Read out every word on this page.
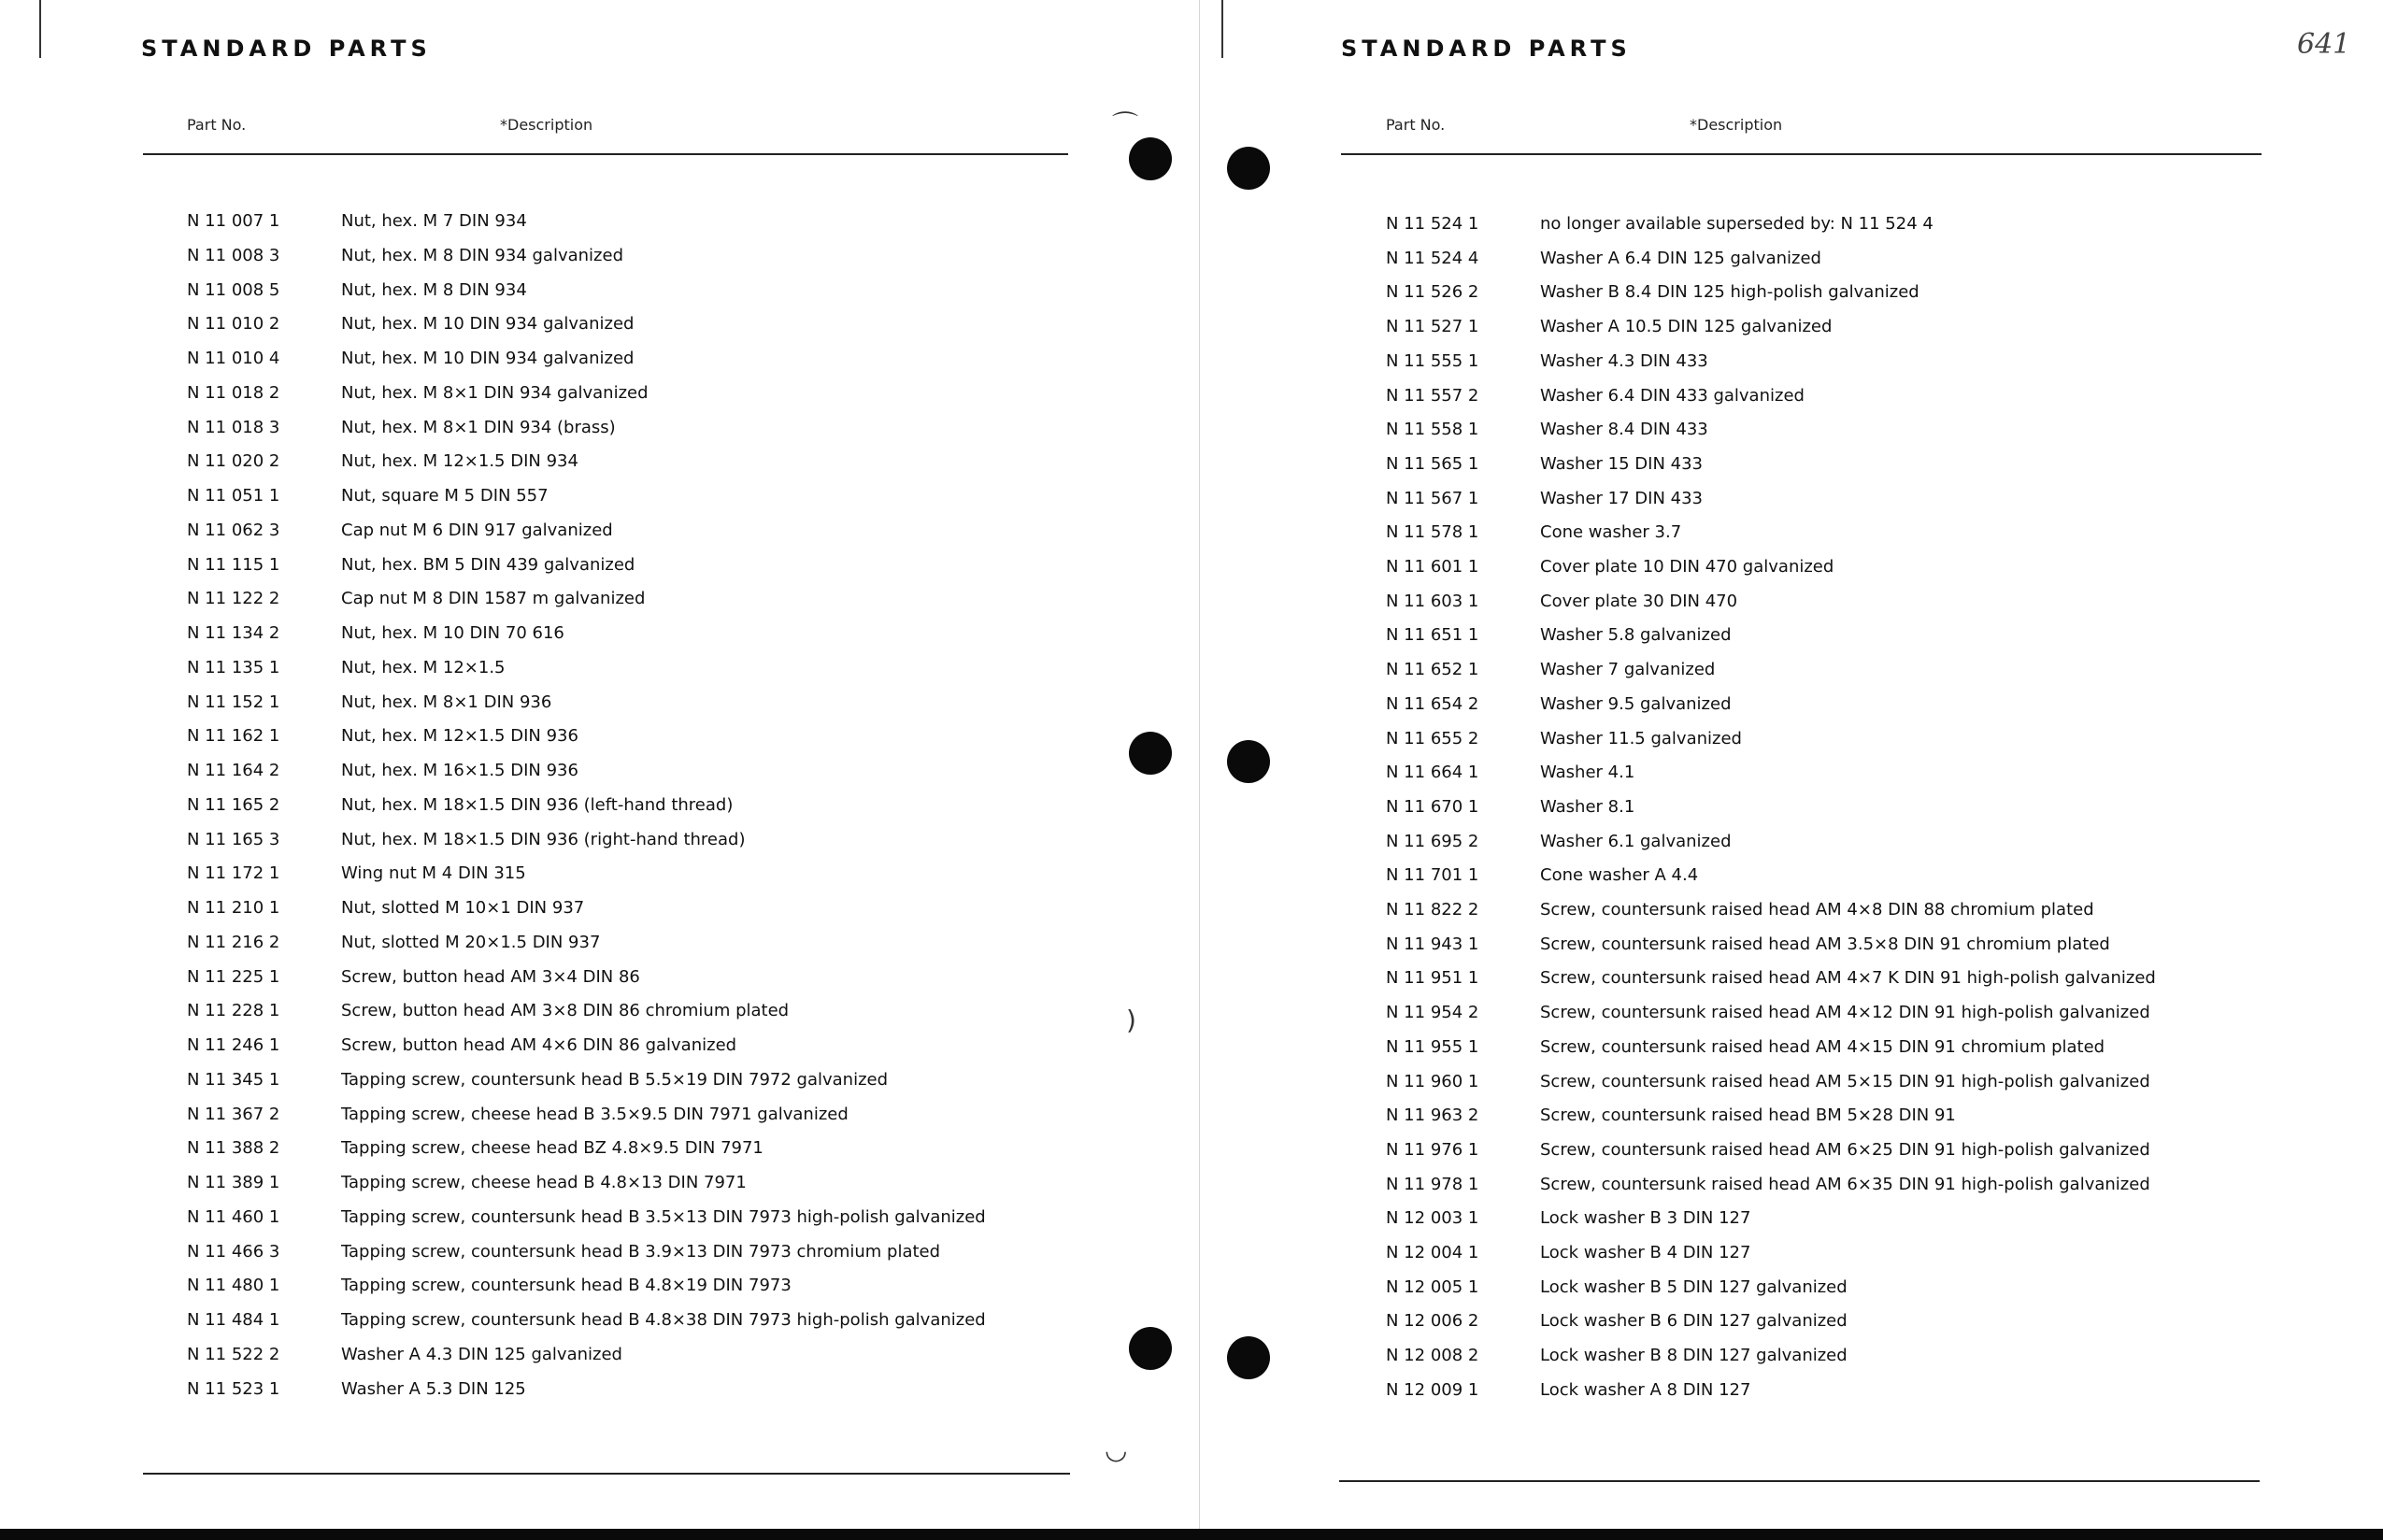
STANDARD PARTS
Part No.	*Description
N 11 007 1	Nut, hex. M 7 DIN 934
N 11 008 3	Nut, hex. M 8 DIN 934 galvanized
N 11 008 5	Nut, hex. M 8 DIN 934
N 11 010 2	Nut, hex. M 10 DIN 934 galvanized
N 11 010 4	Nut, hex. M 10 DIN 934 galvanized
N 11 018 2	Nut, hex. M 8×1 DIN 934 galvanized
N 11 018 3	Nut, hex. M 8×1 DIN 934 (brass)
N 11 020 2	Nut, hex. M 12×1.5 DIN 934
N 11 051 1	Nut, square M 5 DIN 557
N 11 062 3	Cap nut M 6 DIN 917 galvanized
N 11 115 1	Nut, hex. BM 5 DIN 439 galvanized
N 11 122 2	Cap nut M 8 DIN 1587 m galvanized
N 11 134 2	Nut, hex. M 10 DIN 70 616
N 11 135 1	Nut, hex. M 12×1.5
N 11 152 1	Nut, hex. M 8×1 DIN 936
N 11 162 1	Nut, hex. M 12×1.5 DIN 936
N 11 164 2	Nut, hex. M 16×1.5 DIN 936
N 11 165 2	Nut, hex. M 18×1.5 DIN 936 (left-hand thread)
N 11 165 3	Nut, hex. M 18×1.5 DIN 936 (right-hand thread)
N 11 172 1	Wing nut M 4 DIN 315
N 11 210 1	Nut, slotted M 10×1 DIN 937
N 11 216 2	Nut, slotted M 20×1.5 DIN 937
N 11 225 1	Screw, button head AM 3×4 DIN 86
N 11 228 1	Screw, button head AM 3×8 DIN 86 chromium plated
N 11 246 1	Screw, button head AM 4×6 DIN 86 galvanized
N 11 345 1	Tapping screw, countersunk head B 5.5×19 DIN 7972 galvanized
N 11 367 2	Tapping screw, cheese head B 3.5×9.5 DIN 7971 galvanized
N 11 388 2	Tapping screw, cheese head BZ 4.8×9.5 DIN 7971
N 11 389 1	Tapping screw, cheese head B 4.8×13 DIN 7971
N 11 460 1	Tapping screw, countersunk head B 3.5×13 DIN 7973 high-polish galvanized
N 11 466 3	Tapping screw, countersunk head B 3.9×13 DIN 7973 chromium plated
N 11 480 1	Tapping screw, countersunk head B 4.8×19 DIN 7973
N 11 484 1	Tapping screw, countersunk head B 4.8×38 DIN 7973 high-polish galvanized
N 11 522 2	Washer A 4.3 DIN 125 galvanized
N 11 523 1	Washer A 5.3 DIN 125
⌒
)
◡
STANDARD PARTS
Part No.	*Description
N 11 524 1	no longer available superseded by: N 11 524 4
N 11 524 4	Washer A 6.4 DIN 125 galvanized
N 11 526 2	Washer B 8.4 DIN 125 high-polish galvanized
N 11 527 1	Washer A 10.5 DIN 125 galvanized
N 11 555 1	Washer 4.3 DIN 433
N 11 557 2	Washer 6.4 DIN 433 galvanized
N 11 558 1	Washer 8.4 DIN 433
N 11 565 1	Washer 15 DIN 433
N 11 567 1	Washer 17 DIN 433
N 11 578 1	Cone washer 3.7
N 11 601 1	Cover plate 10 DIN 470 galvanized
N 11 603 1	Cover plate 30 DIN 470
N 11 651 1	Washer 5.8 galvanized
N 11 652 1	Washer 7 galvanized
N 11 654 2	Washer 9.5 galvanized
N 11 655 2	Washer 11.5 galvanized
N 11 664 1	Washer 4.1
N 11 670 1	Washer 8.1
N 11 695 2	Washer 6.1 galvanized
N 11 701 1	Cone washer A 4.4
N 11 822 2	Screw, countersunk raised head AM 4×8 DIN 88 chromium plated
N 11 943 1	Screw, countersunk raised head AM 3.5×8 DIN 91 chromium plated
N 11 951 1	Screw, countersunk raised head AM 4×7 K DIN 91 high-polish galvanized
N 11 954 2	Screw, countersunk raised head AM 4×12 DIN 91 high-polish galvanized
N 11 955 1	Screw, countersunk raised head AM 4×15 DIN 91 chromium plated
N 11 960 1	Screw, countersunk raised head AM 5×15 DIN 91 high-polish galvanized
N 11 963 2	Screw, countersunk raised head BM 5×28 DIN 91
N 11 976 1	Screw, countersunk raised head AM 6×25 DIN 91 high-polish galvanized
N 11 978 1	Screw, countersunk raised head AM 6×35 DIN 91 high-polish galvanized
N 12 003 1	Lock washer B 3 DIN 127
N 12 004 1	Lock washer B 4 DIN 127
N 12 005 1	Lock washer B 5 DIN 127 galvanized
N 12 006 2	Lock washer B 6 DIN 127 galvanized
N 12 008 2	Lock washer B 8 DIN 127 galvanized
N 12 009 1	Lock washer A 8 DIN 127
641
